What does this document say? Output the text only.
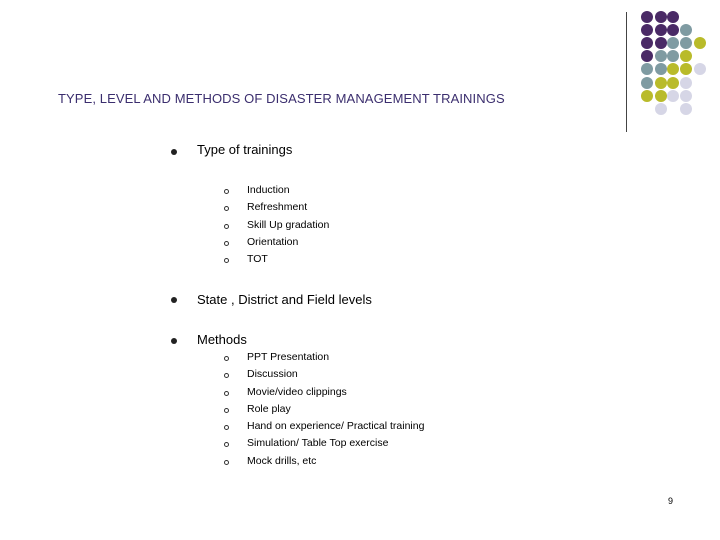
TYPE, LEVEL AND METHODS OF DISASTER MANAGEMENT TRAININGS
Type of trainings
Induction
Refreshment
Skill Up gradation
Orientation
TOT
State , District and Field levels
Methods
PPT Presentation
Discussion
Movie/video clippings
Role play
Hand on experience/ Practical training
Simulation/ Table Top exercise
Mock drills, etc
9
